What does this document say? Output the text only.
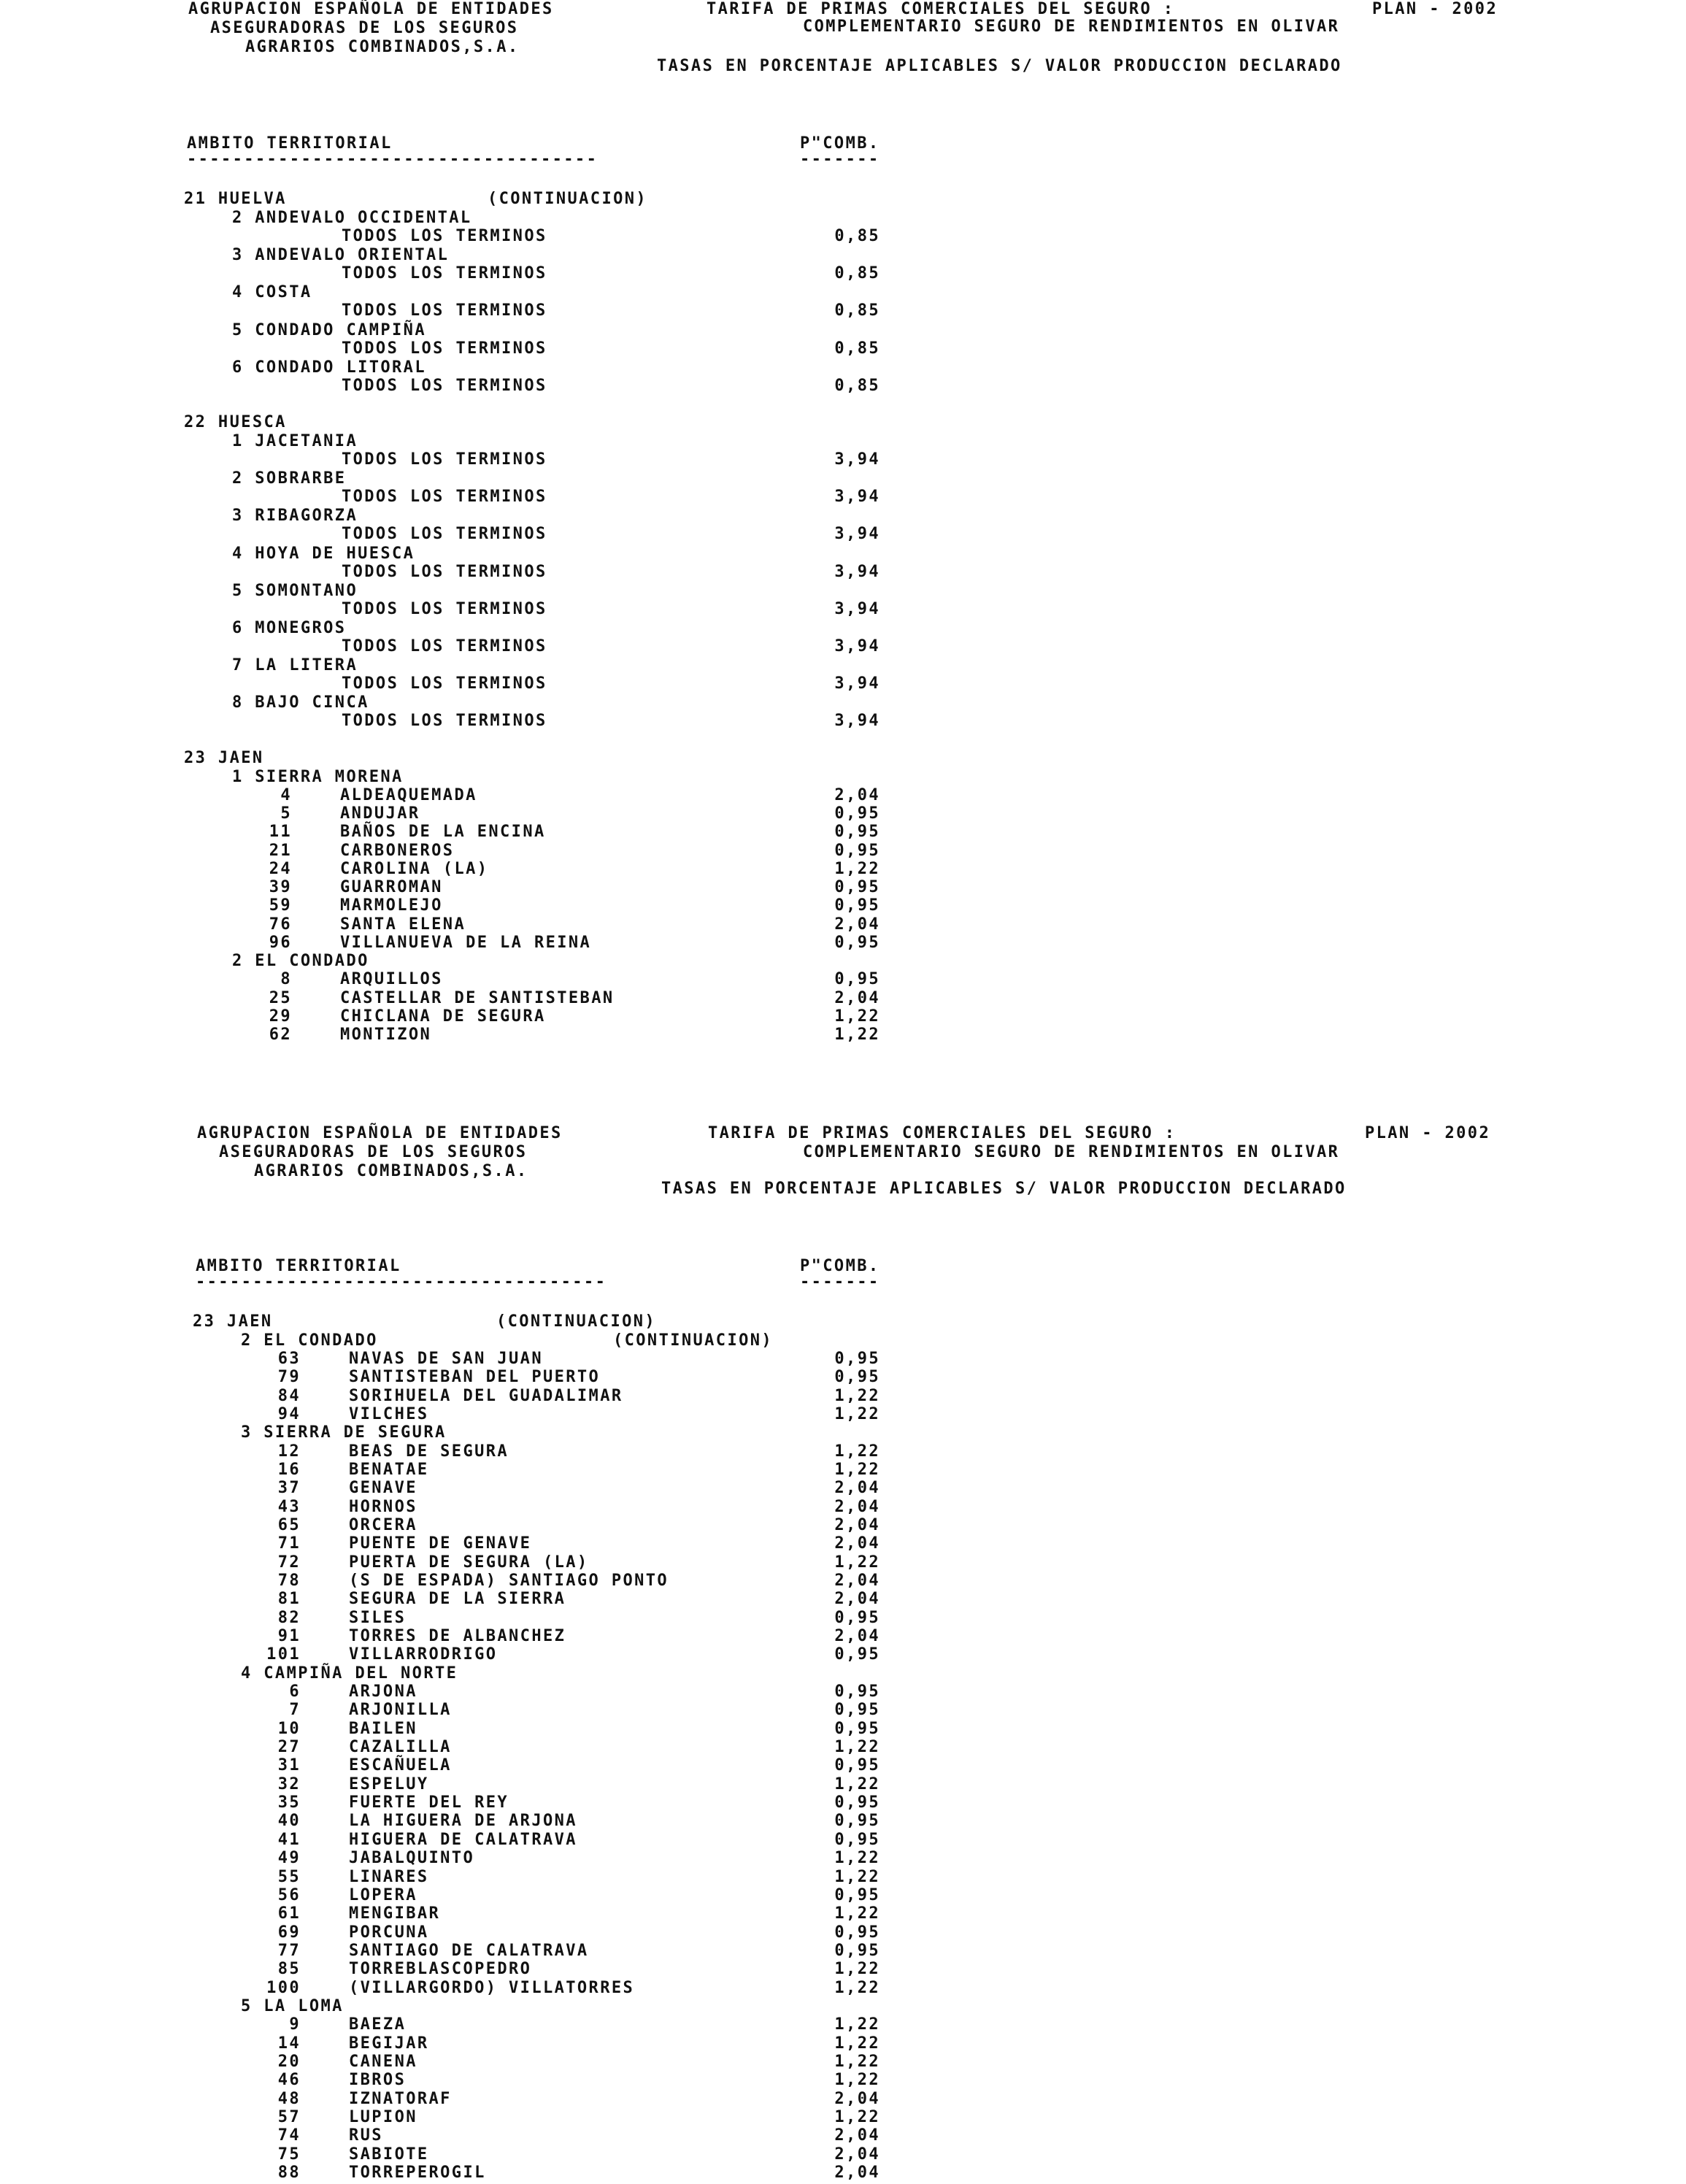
AGRUPACION ESPAÑOLA DE ENTIDADES
ASEGURADORAS DE LOS SEGUROS
AGRARIOS COMBINADOS,S.A.
TARIFA DE PRIMAS COMERCIALES DEL SEGURO :	PLAN - 2002
COMPLEMENTARIO SEGURO DE RENDIMIENTOS EN OLIVAR
TASAS EN PORCENTAJE APLICABLES S/ VALOR PRODUCCION DECLARADO
AMBITO TERRITORIAL
------------------------------------
P"COMB.
-------
21 HUELVA	(CONTINUACION)
2 ANDEVALO OCCIDENTAL
TODOS LOS TERMINOS	0,85
3 ANDEVALO ORIENTAL
TODOS LOS TERMINOS	0,85
4 COSTA
TODOS LOS TERMINOS	0,85
5 CONDADO CAMPIÑA
TODOS LOS TERMINOS	0,85
6 CONDADO LITORAL
TODOS LOS TERMINOS	0,85
22 HUESCA
1 JACETANIA
TODOS LOS TERMINOS	3,94
2 SOBRARBE
TODOS LOS TERMINOS	3,94
3 RIBAGORZA
TODOS LOS TERMINOS	3,94
4 HOYA DE HUESCA
TODOS LOS TERMINOS	3,94
5 SOMONTANO
TODOS LOS TERMINOS	3,94
6 MONEGROS
TODOS LOS TERMINOS	3,94
7 LA LITERA
TODOS LOS TERMINOS	3,94
8 BAJO CINCA
TODOS LOS TERMINOS	3,94
23 JAEN
1 SIERRA MORENA
4	ALDEAQUEMADA	2,04
5	ANDUJAR	0,95
11	BAÑOS DE LA ENCINA	0,95
21	CARBONEROS	0,95
24	CAROLINA (LA)	1,22
39	GUARROMAN	0,95
59	MARMOLEJO	0,95
76	SANTA ELENA	2,04
96	VILLANUEVA DE LA REINA	0,95
2 EL CONDADO
8	ARQUILLOS	0,95
25	CASTELLAR DE SANTISTEBAN	2,04
29	CHICLANA DE SEGURA	1,22
62	MONTIZON	1,22
AGRUPACION ESPAÑOLA DE ENTIDADES
ASEGURADORAS DE LOS SEGUROS
AGRARIOS COMBINADOS,S.A.
TARIFA DE PRIMAS COMERCIALES DEL SEGURO :	PLAN - 2002
COMPLEMENTARIO SEGURO DE RENDIMIENTOS EN OLIVAR
TASAS EN PORCENTAJE APLICABLES S/ VALOR PRODUCCION DECLARADO
AMBITO TERRITORIAL
------------------------------------
P"COMB.
-------
23 JAEN	(CONTINUACION)
2 EL CONDADO	(CONTINUACION)
63	NAVAS DE SAN JUAN	0,95
79	SANTISTEBAN DEL PUERTO	0,95
84	SORIHUELA DEL GUADALIMAR	1,22
94	VILCHES	1,22
3 SIERRA DE SEGURA
12	BEAS DE SEGURA	1,22
16	BENATAE	1,22
37	GENAVE	2,04
43	HORNOS	2,04
65	ORCERA	2,04
71	PUENTE DE GENAVE	2,04
72	PUERTA DE SEGURA (LA)	1,22
78	(S DE ESPADA) SANTIAGO PONTO	2,04
81	SEGURA DE LA SIERRA	2,04
82	SILES	0,95
91	TORRES DE ALBANCHEZ	2,04
101	VILLARRODRIGO	0,95
4 CAMPIÑA DEL NORTE
6	ARJONA	0,95
7	ARJONILLA	0,95
10	BAILEN	0,95
27	CAZALILLA	1,22
31	ESCAÑUELA	0,95
32	ESPELUY	1,22
35	FUERTE DEL REY	0,95
40	LA HIGUERA DE ARJONA	0,95
41	HIGUERA DE CALATRAVA	0,95
49	JABALQUINTO	1,22
55	LINARES	1,22
56	LOPERA	0,95
61	MENGIBAR	1,22
69	PORCUNA	0,95
77	SANTIAGO DE CALATRAVA	0,95
85	TORREBLASCOPEDRO	1,22
100	(VILLARGORDO) VILLATORRES	1,22
5 LA LOMA
9	BAEZA	1,22
14	BEGIJAR	1,22
20	CANENA	1,22
46	IBROS	1,22
48	IZNATORAF	2,04
57	LUPION	1,22
74	RUS	2,04
75	SABIOTE	2,04
88	TORREPEROGIL	2,04
